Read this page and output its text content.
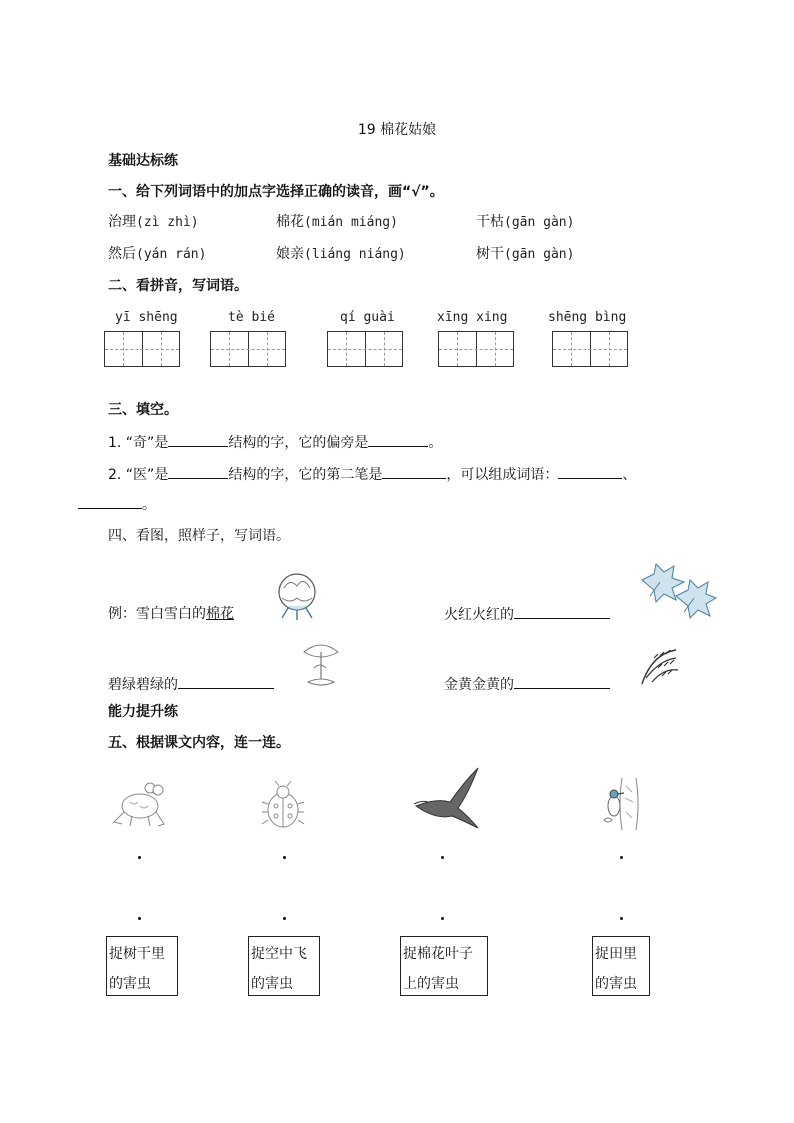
19 棉花姑娘
基础达标练
一、给下列词语中的加点字选择正确的读音，画“√”。
治理(zì zhì)	棉花(mián miáng)	干枯(gān gàn)
然后(yán rán)	娘亲(liáng niáng)	树干(gān gàn)
二、看拼音，写词语。
yī shēng	tè bié	qí guài	xīng xing	shēng bìng
三、填空。
1. “奇”是	结构的字，它的偏旁是	。
2. “医”是	结构的字，它的第二笔是	，可以组成词语：	、
。
四、看图，照样子，写词语。
例：雪白雪白的棉花	火红火红的
碧绿碧绿的	金黄金黄的
能力提升练
五、根据课文内容，连一连。
捉树干里
的害虫
捉空中飞
的害虫
捉棉花叶子
上的害虫
捉田里
的害虫
